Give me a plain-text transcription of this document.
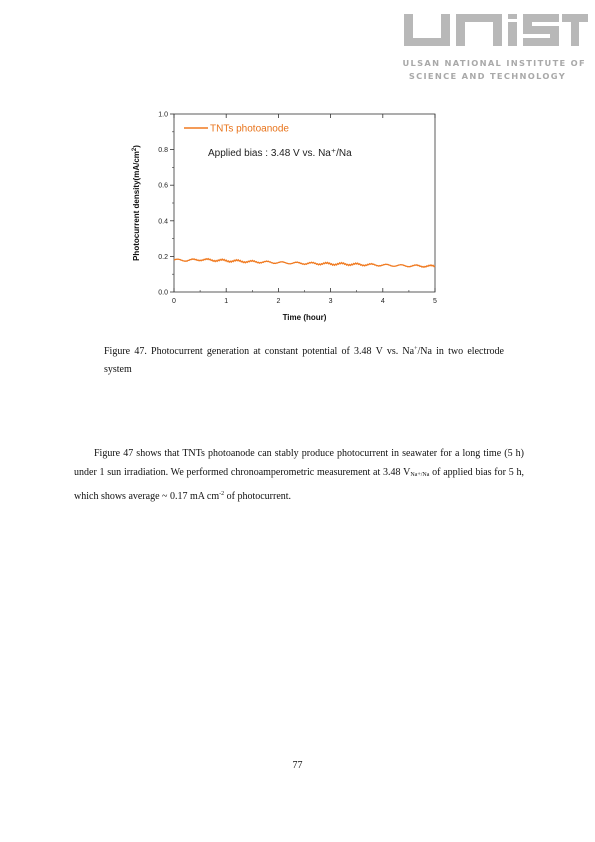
ULSAN NATIONAL INSTITUTE OF
SCIENCE AND TECHNOLOGY
0	1	2	3	4	5
0.0
0.2
0.4
0.6
0.8
1.0
TNTs photoanode
Applied bias : 3.48 V vs. Na⁺/Na
Time (hour)
Photocurrent $density(mA/cm^2)$
Figure 47. Photocurrent generation at constant potential of 3.48 V vs. Na+/Na in two electrode system

Figure 47 shows that TNTs photoanode can stably produce photocurrent in seawater for a long time (5 h) under 1 sun irradiation. We performed chronoamperometric measurement at 3.48 VNa+/Na of applied bias for 5 h, which shows average ~ 0.17 mA $cm^{-2}$ of photocurrent.

77
